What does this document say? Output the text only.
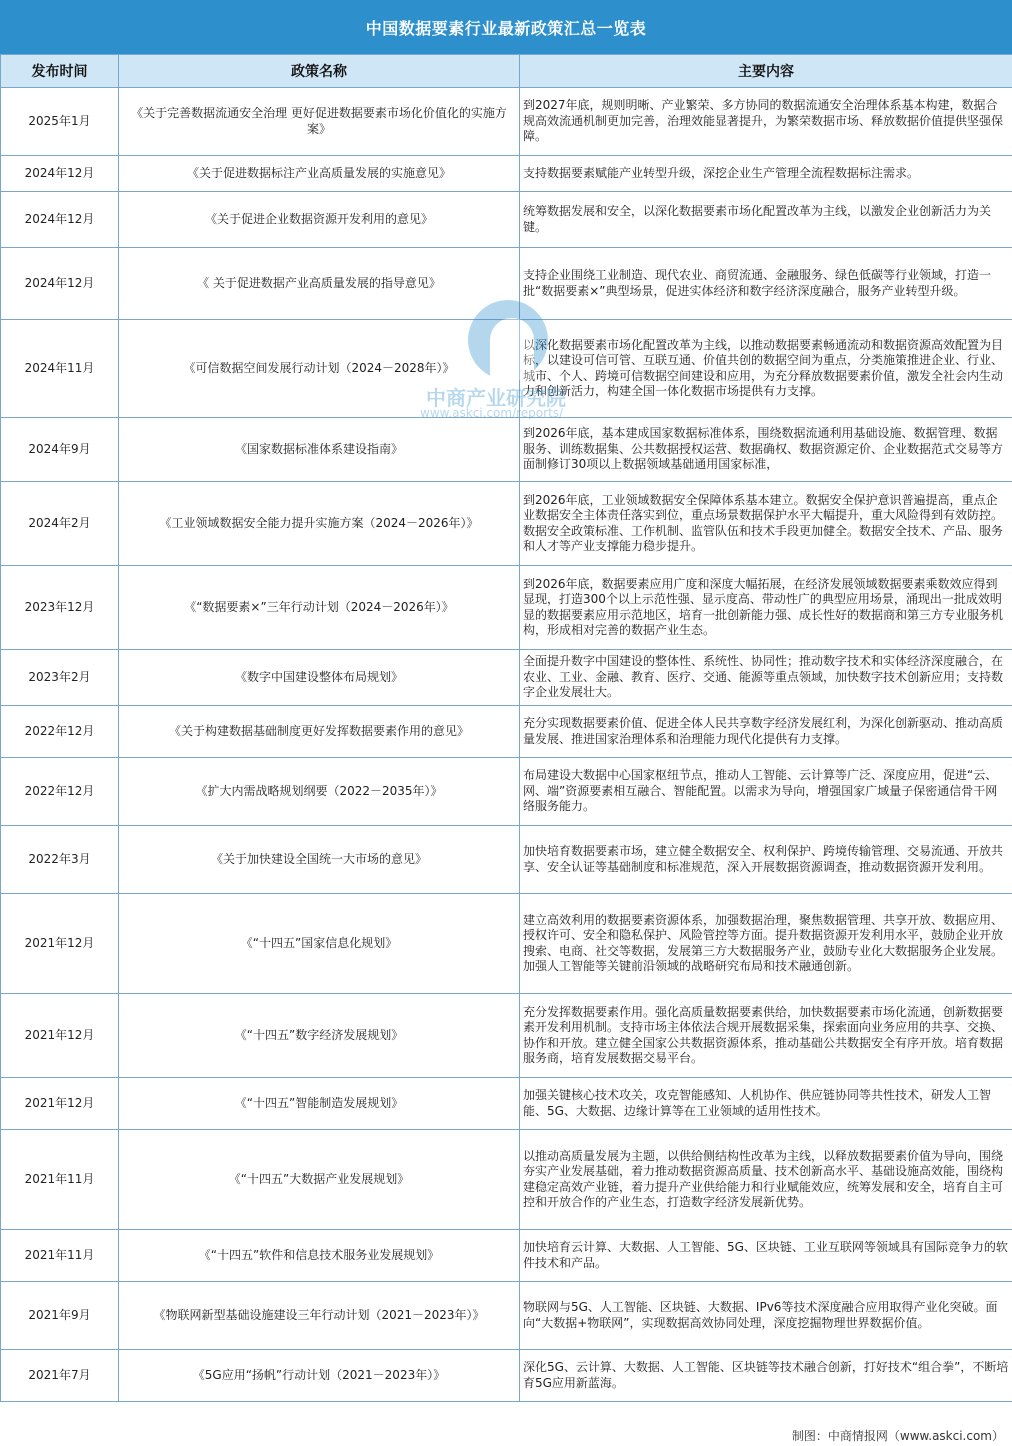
中国数据要素行业最新政策汇总一览表
发布时间	政策名称	主要内容
2025年1月	《关于完善数据流通安全治理 更好促进数据要素市场化价值化的实施方案》	到2027年底，规则明晰、产业繁荣、多方协同的数据流通安全治理体系基本构建，数据合规高效流通机制更加完善，治理效能显著提升，为繁荣数据市场、释放数据价值提供坚强保障。
2024年12月	《关于促进数据标注产业高质量发展的实施意见》	支持数据要素赋能产业转型升级，深挖企业生产管理全流程数据标注需求。
2024年12月	《关于促进企业数据资源开发利用的意见》	统筹数据发展和安全，以深化数据要素市场化配置改革为主线，以激发企业创新活力为关键。
2024年12月	《 关于促进数据产业高质量发展的指导意见》	支持企业围绕工业制造、现代农业、商贸流通、金融服务、绿色低碳等行业领域，打造一批“数据要素×”典型场景，促进实体经济和数字经济深度融合，服务产业转型升级。
2024年11月	《可信数据空间发展行动计划（2024－2028年）》	以深化数据要素市场化配置改革为主线，以推动数据要素畅通流动和数据资源高效配置为目标，以建设可信可管、互联互通、价值共创的数据空间为重点，分类施策推进企业、行业、城市、个人、跨境可信数据空间建设和应用，为充分释放数据要素价值，激发全社会内生动力和创新活力，构建全国一体化数据市场提供有力支撑。
2024年9月	《国家数据标准体系建设指南》	到2026年底，基本建成国家数据标准体系，围绕数据流通利用基础设施、数据管理、数据服务、训练数据集、公共数据授权运营、数据确权、数据资源定价、企业数据范式交易等方面制修订30项以上数据领域基础通用国家标准，
2024年2月	《工业领域数据安全能力提升实施方案（2024－2026年）》	到2026年底，工业领域数据安全保障体系基本建立。数据安全保护意识普遍提高，重点企业数据安全主体责任落实到位，重点场景数据保护水平大幅提升，重大风险得到有效防控。数据安全政策标准、工作机制、监管队伍和技术手段更加健全。数据安全技术、产品、服务和人才等产业支撑能力稳步提升。
2023年12月	《“数据要素×”三年行动计划（2024－2026年）》	到2026年底，数据要素应用广度和深度大幅拓展，在经济发展领域数据要素乘数效应得到显现，打造300个以上示范性强、显示度高、带动性广的典型应用场景，涌现出一批成效明显的数据要素应用示范地区，培育一批创新能力强、成长性好的数据商和第三方专业服务机构，形成相对完善的数据产业生态。
2023年2月	《数字中国建设整体布局规划》	全面提升数字中国建设的整体性、系统性、协同性；推动数字技术和实体经济深度融合，在农业、工业、金融、教育、医疗、交通、能源等重点领域，加快数字技术创新应用；支持数字企业发展壮大。
2022年12月	《关于构建数据基础制度更好发挥数据要素作用的意见》	充分实现数据要素价值、促进全体人民共享数字经济发展红利，为深化创新驱动、推动高质量发展、推进国家治理体系和治理能力现代化提供有力支撑。
2022年12月	《扩大内需战略规划纲要（2022－2035年）》	布局建设大数据中心国家枢纽节点，推动人工智能、云计算等广泛、深度应用，促进“云、网、端”资源要素相互融合、智能配置。以需求为导向，增强国家广域量子保密通信骨干网络服务能力。
2022年3月	《关于加快建设全国统一大市场的意见》	加快培育数据要素市场，建立健全数据安全、权利保护、跨境传输管理、交易流通、开放共享、安全认证等基础制度和标准规范，深入开展数据资源调查，推动数据资源开发利用。
2021年12月	《“十四五”国家信息化规划》	建立高效利用的数据要素资源体系，加强数据治理，聚焦数据管理、共享开放、数据应用、授权许可、安全和隐私保护、风险管控等方面。提升数据资源开发利用水平，鼓励企业开放搜索、电商、社交等数据，发展第三方大数据服务产业，鼓励专业化大数据服务企业发展。加强人工智能等关键前沿领域的战略研究布局和技术融通创新。
2021年12月	《“十四五”数字经济发展规划》	充分发挥数据要素作用。强化高质量数据要素供给，加快数据要素市场化流通，创新数据要素开发利用机制。支持市场主体依法合规开展数据采集，探索面向业务应用的共享、交换、协作和开放。建立健全国家公共数据资源体系，推动基础公共数据安全有序开放。培育数据服务商，培育发展数据交易平台。
2021年12月	《“十四五”智能制造发展规划》	加强关键核心技术攻关，攻克智能感知、人机协作、供应链协同等共性技术，研发人工智能、5G、大数据、边缘计算等在工业领域的适用性技术。
2021年11月	《“十四五”大数据产业发展规划》	以推动高质量发展为主题，以供给侧结构性改革为主线，以释放数据要素价值为导向，围绕夯实产业发展基础，着力推动数据资源高质量、技术创新高水平、基础设施高效能，围绕构建稳定高效产业链，着力提升产业供给能力和行业赋能效应，统筹发展和安全，培育自主可控和开放合作的产业生态，打造数字经济发展新优势。
2021年11月	《“十四五”软件和信息技术服务业发展规划》	加快培育云计算、大数据、人工智能、5G、区块链、工业互联网等领域具有国际竞争力的软件技术和产品。
2021年9月	《物联网新型基础设施建设三年行动计划（2021－2023年）》	物联网与5G、人工智能、区块链、大数据、IPv6等技术深度融合应用取得产业化突破。面向“大数据+物联网”，实现数据高效协同处理，深度挖掘物理世界数据价值。
2021年7月	《5G应用“扬帆”行动计划（2021－2023年）》	深化5G、云计算、大数据、人工智能、区块链等技术融合创新，打好技术“组合拳”，不断培育5G应用新蓝海。
中商产业研究院
www.askci.com/reports/
制图：中商情报网（www.askci.com）
